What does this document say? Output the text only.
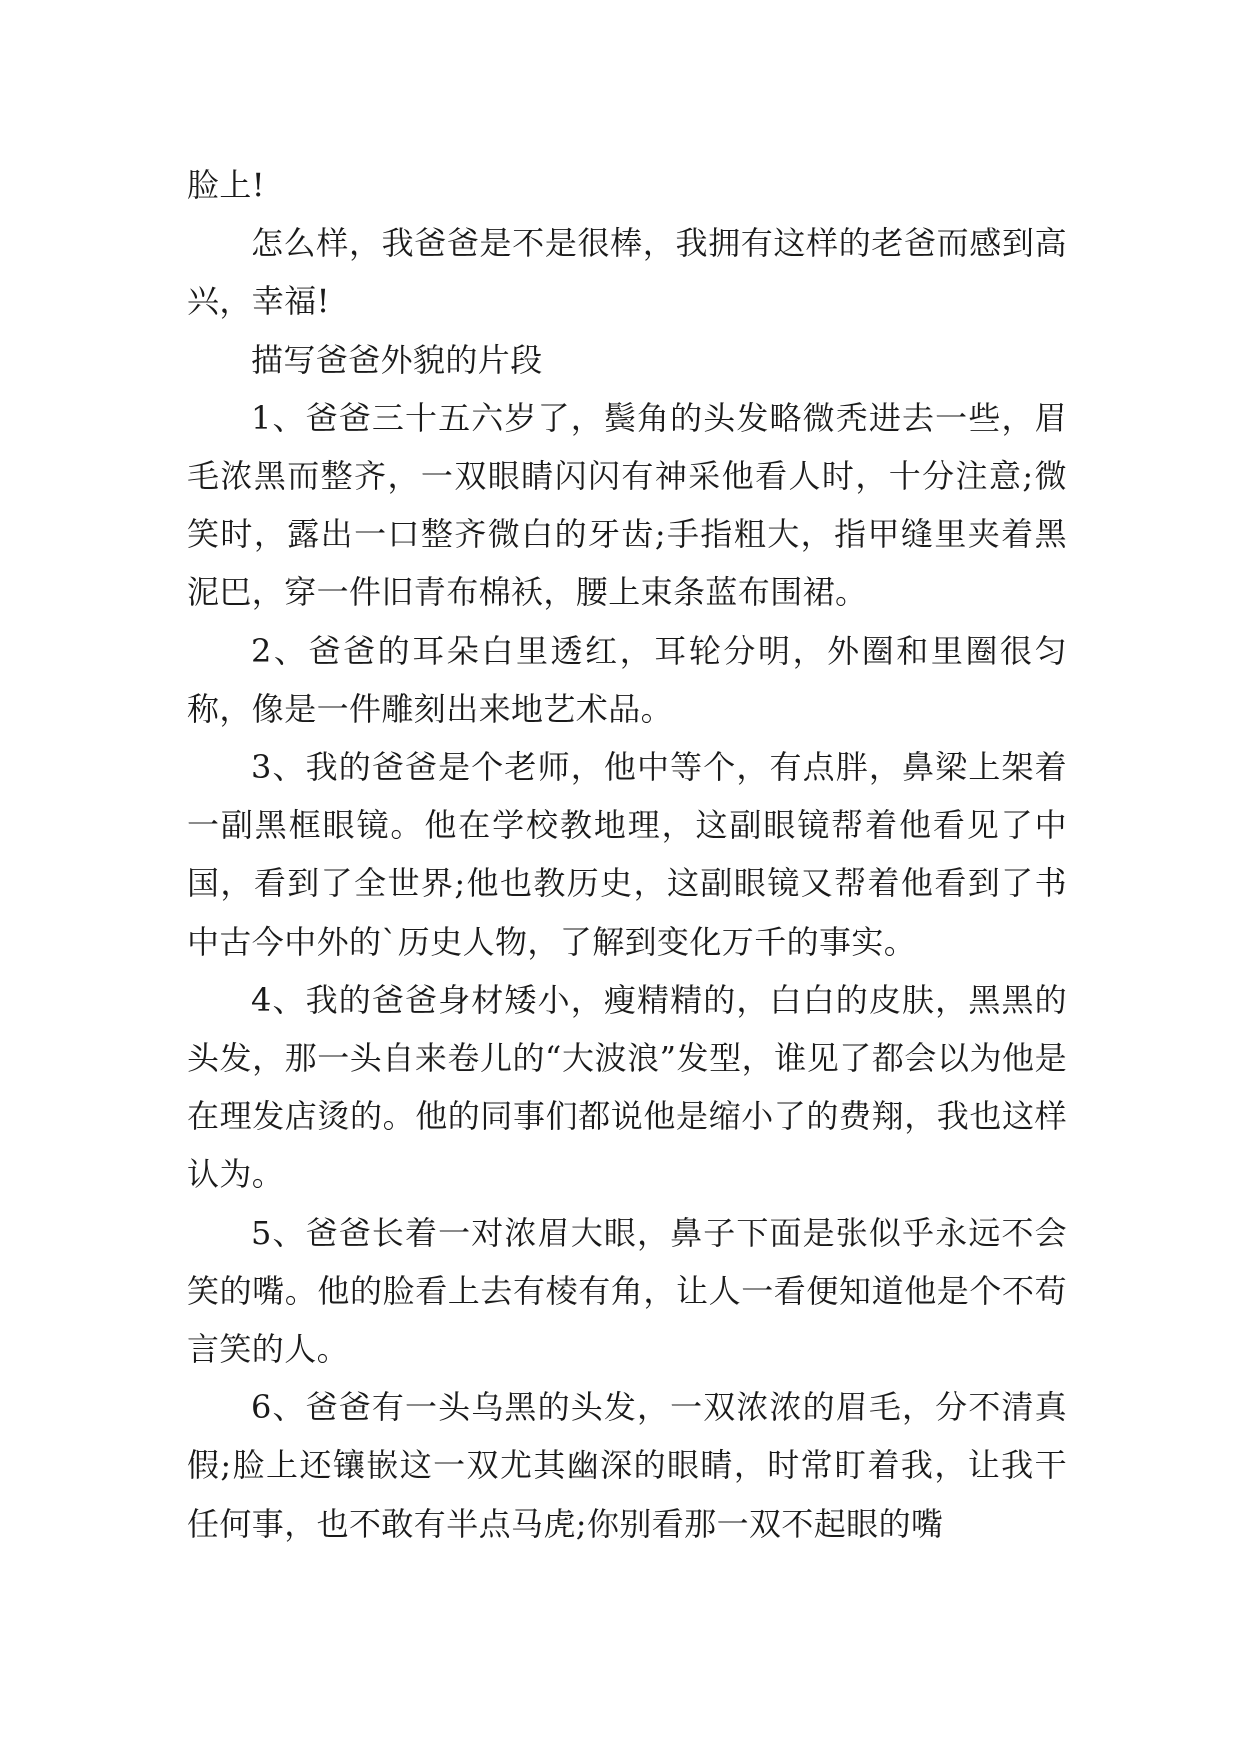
脸上!

怎么样，我爸爸是不是很棒，我拥有这样的老爸而感到高兴，幸福!

描写爸爸外貌的片段

1、爸爸三十五六岁了，鬓角的头发略微秃进去一些，眉毛浓黑而整齐，一双眼睛闪闪有神采他看人时，十分注意;微笑时，露出一口整齐微白的牙齿;手指粗大，指甲缝里夹着黑泥巴，穿一件旧青布棉袄，腰上束条蓝布围裙。

2、爸爸的耳朵白里透红，耳轮分明，外圈和里圈很匀称，像是一件雕刻出来地艺术品。

3、我的爸爸是个老师，他中等个，有点胖，鼻梁上架着一副黑框眼镜。他在学校教地理，这副眼镜帮着他看见了中国，看到了全世界;他也教历史，这副眼镜又帮着他看到了书中古今中外的`历史人物，了解到变化万千的事实。

4、我的爸爸身材矮小，瘦精精的，白白的皮肤，黑黑的头发，那一头自来卷儿的“大波浪”发型，谁见了都会以为他是在理发店烫的。他的同事们都说他是缩小了的费翔，我也这样认为。

5、爸爸长着一对浓眉大眼，鼻子下面是张似乎永远不会笑的嘴。他的脸看上去有棱有角，让人一看便知道他是个不苟言笑的人。

6、爸爸有一头乌黑的头发，一双浓浓的眉毛，分不清真假;脸上还镶嵌这一双尤其幽深的眼睛，时常盯着我，让我干任何事，也不敢有半点马虎;你别看那一双不起眼的嘴
